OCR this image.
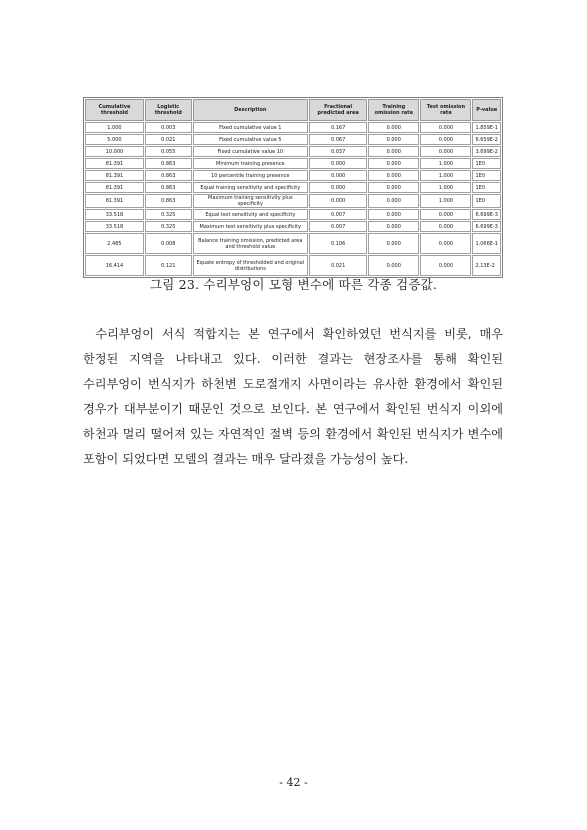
Cumulative threshold	Logistic threshold	Description	Fractional predicted area	Training omission rate	Test omission rate	P-value
1.000	0.003	Fixed cumulative value 1	0.167	0.000	0.000	1.859E-1
5.000	0.021	Fixed cumulative value 5	0.067	0.000	0.000	6.659E-2
10.000	0.055	Fixed cumulative value 10	0.037	0.000	0.000	3.699E-2
81.391	0.863	Minimum training presence	0.000	0.000	1.000	1E0
81.391	0.863	10 percentile training presence	0.000	0.000	1.000	1E0
81.391	0.863	Equal training sensitivity and specificity	0.000	0.000	1.000	1E0
81.391	0.863	Maximum training sensitivity plus specificity	0.000	0.000	1.000	1E0
33.518	0.325	Equal test sensitivity and specificity	0.007	0.000	0.000	6.699E-3
33.518	0.325	Maximum test sensitivity plus specificity	0.007	0.000	0.000	6.699E-3
2.485	0.008	Balance training omission, predicted area and threshold value	0.106	0.000	0.000	1.066E-1
16.414	0.121	Equate entropy of thresholded and original distributions	0.021	0.000	0.000	2.13E-2
그림 23. 수리부엉이 모형 변수에 따른 각종 검증값.

수리부엉이 서식 적합지는 본 연구에서 확인하였던 번식지를 비롯, 매우 한정된 지역을 나타내고 있다. 이러한 결과는 현장조사를 통해 확인된 수리부엉이 번식지가 하천변 도로절개지 사면이라는 유사한 환경에서 확인된 경우가 대부분이기 때문인 것으로 보인다. 본 연구에서 확인된 번식지 이외에 하천과 멀리 떨어져 있는 자연적인 절벽 등의 환경에서 확인된 번식지가 변수에 포함이 되었다면 모델의 결과는 매우 달라졌을 가능성이 높다.

- 42 -
